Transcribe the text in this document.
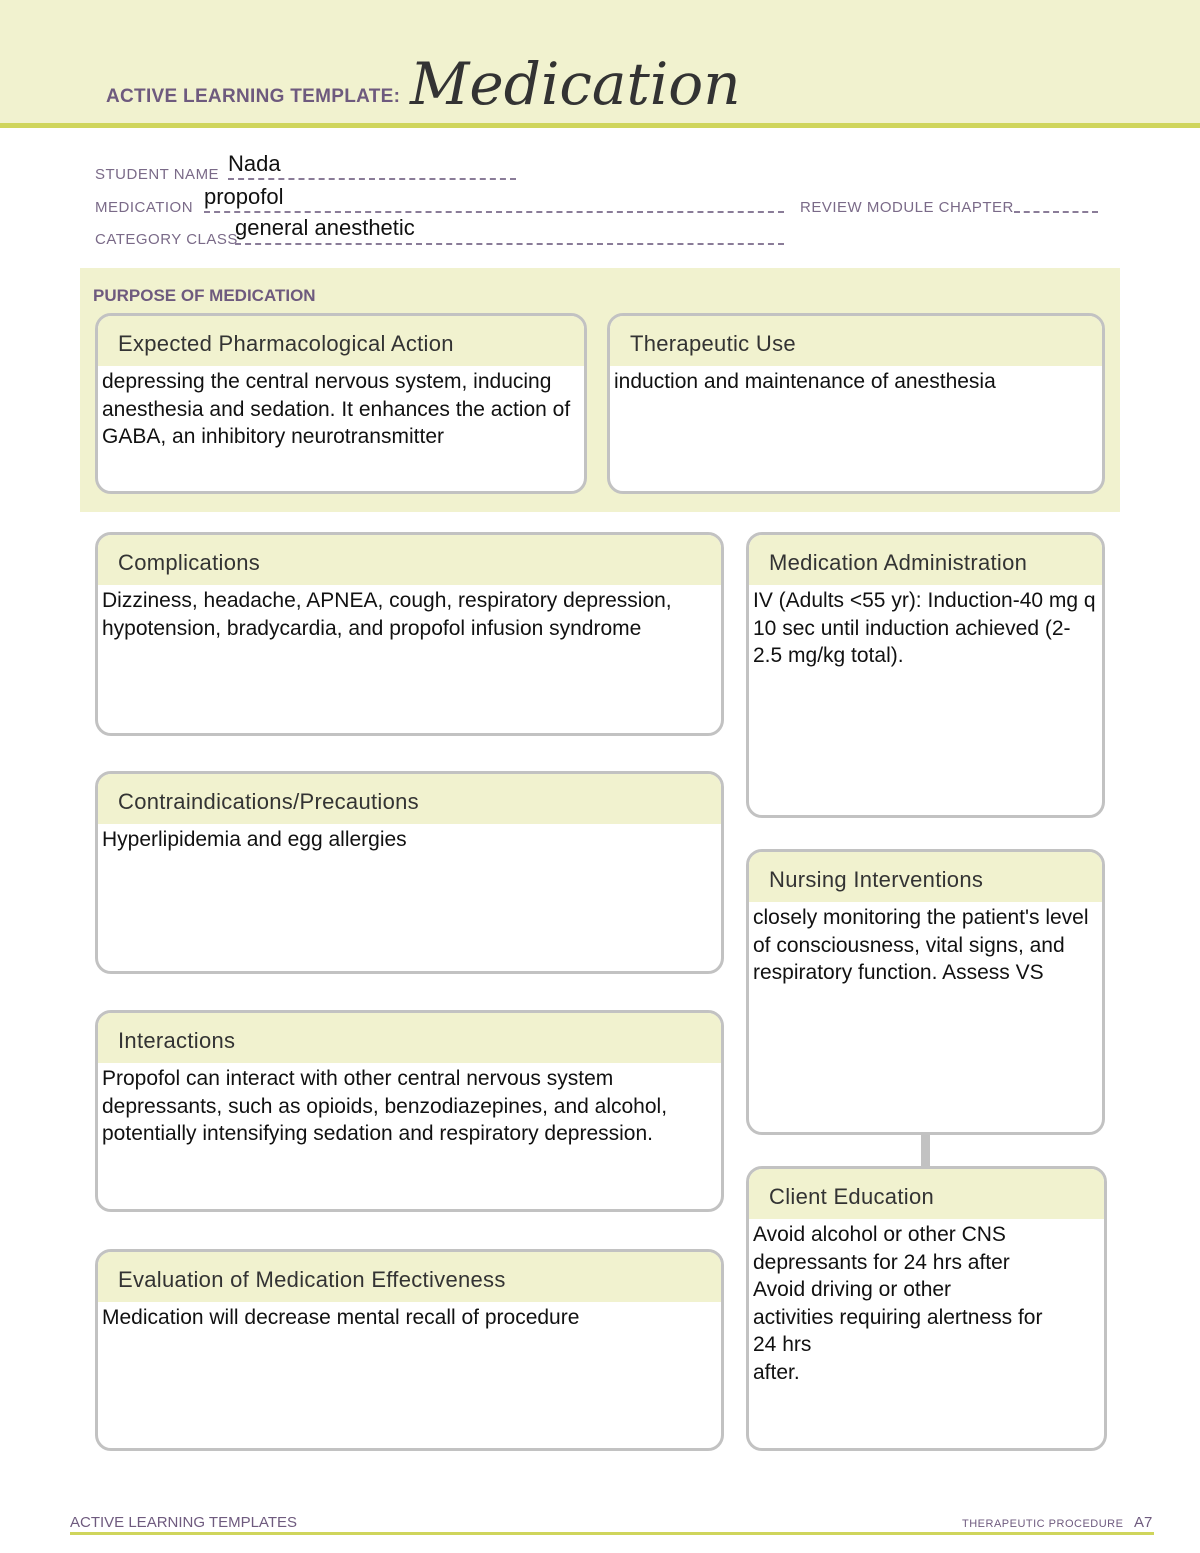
ACTIVE LEARNING TEMPLATE: Medication
STUDENT NAME Nada
MEDICATION propofol	REVIEW MODULE CHAPTER
CATEGORY CLASS
general anesthetic
PURPOSE OF MEDICATION
Expected Pharmacological Action
depressing the central nervous system, inducing anesthesia and sedation. It enhances the action of GABA, an inhibitory neurotransmitter
Therapeutic Use
induction and maintenance of anesthesia
Complications
Dizziness, headache, APNEA, cough, respiratory depression, hypotension, bradycardia, and propofol infusion syndrome
Contraindications/Precautions
Hyperlipidemia and egg allergies
Interactions
Propofol can interact with other central nervous system depressants, such as opioids, benzodiazepines, and alcohol, potentially intensifying sedation and respiratory depression.
Evaluation of Medication Effectiveness
Medication will decrease mental recall of procedure
Medication Administration
IV (Adults <55 yr): Induction-40 mg q 10 sec until induction achieved (2-2.5 mg/kg total).
Nursing Interventions
closely monitoring the patient's level of consciousness, vital signs, and respiratory function. Assess VS
Client Education
Avoid alcohol or other CNS
depressants for 24 hrs after
Avoid driving or other
activities requiring alertness for
24 hrs
after.
ACTIVE LEARNING TEMPLATES	THERAPEUTIC PROCEDURE A7
